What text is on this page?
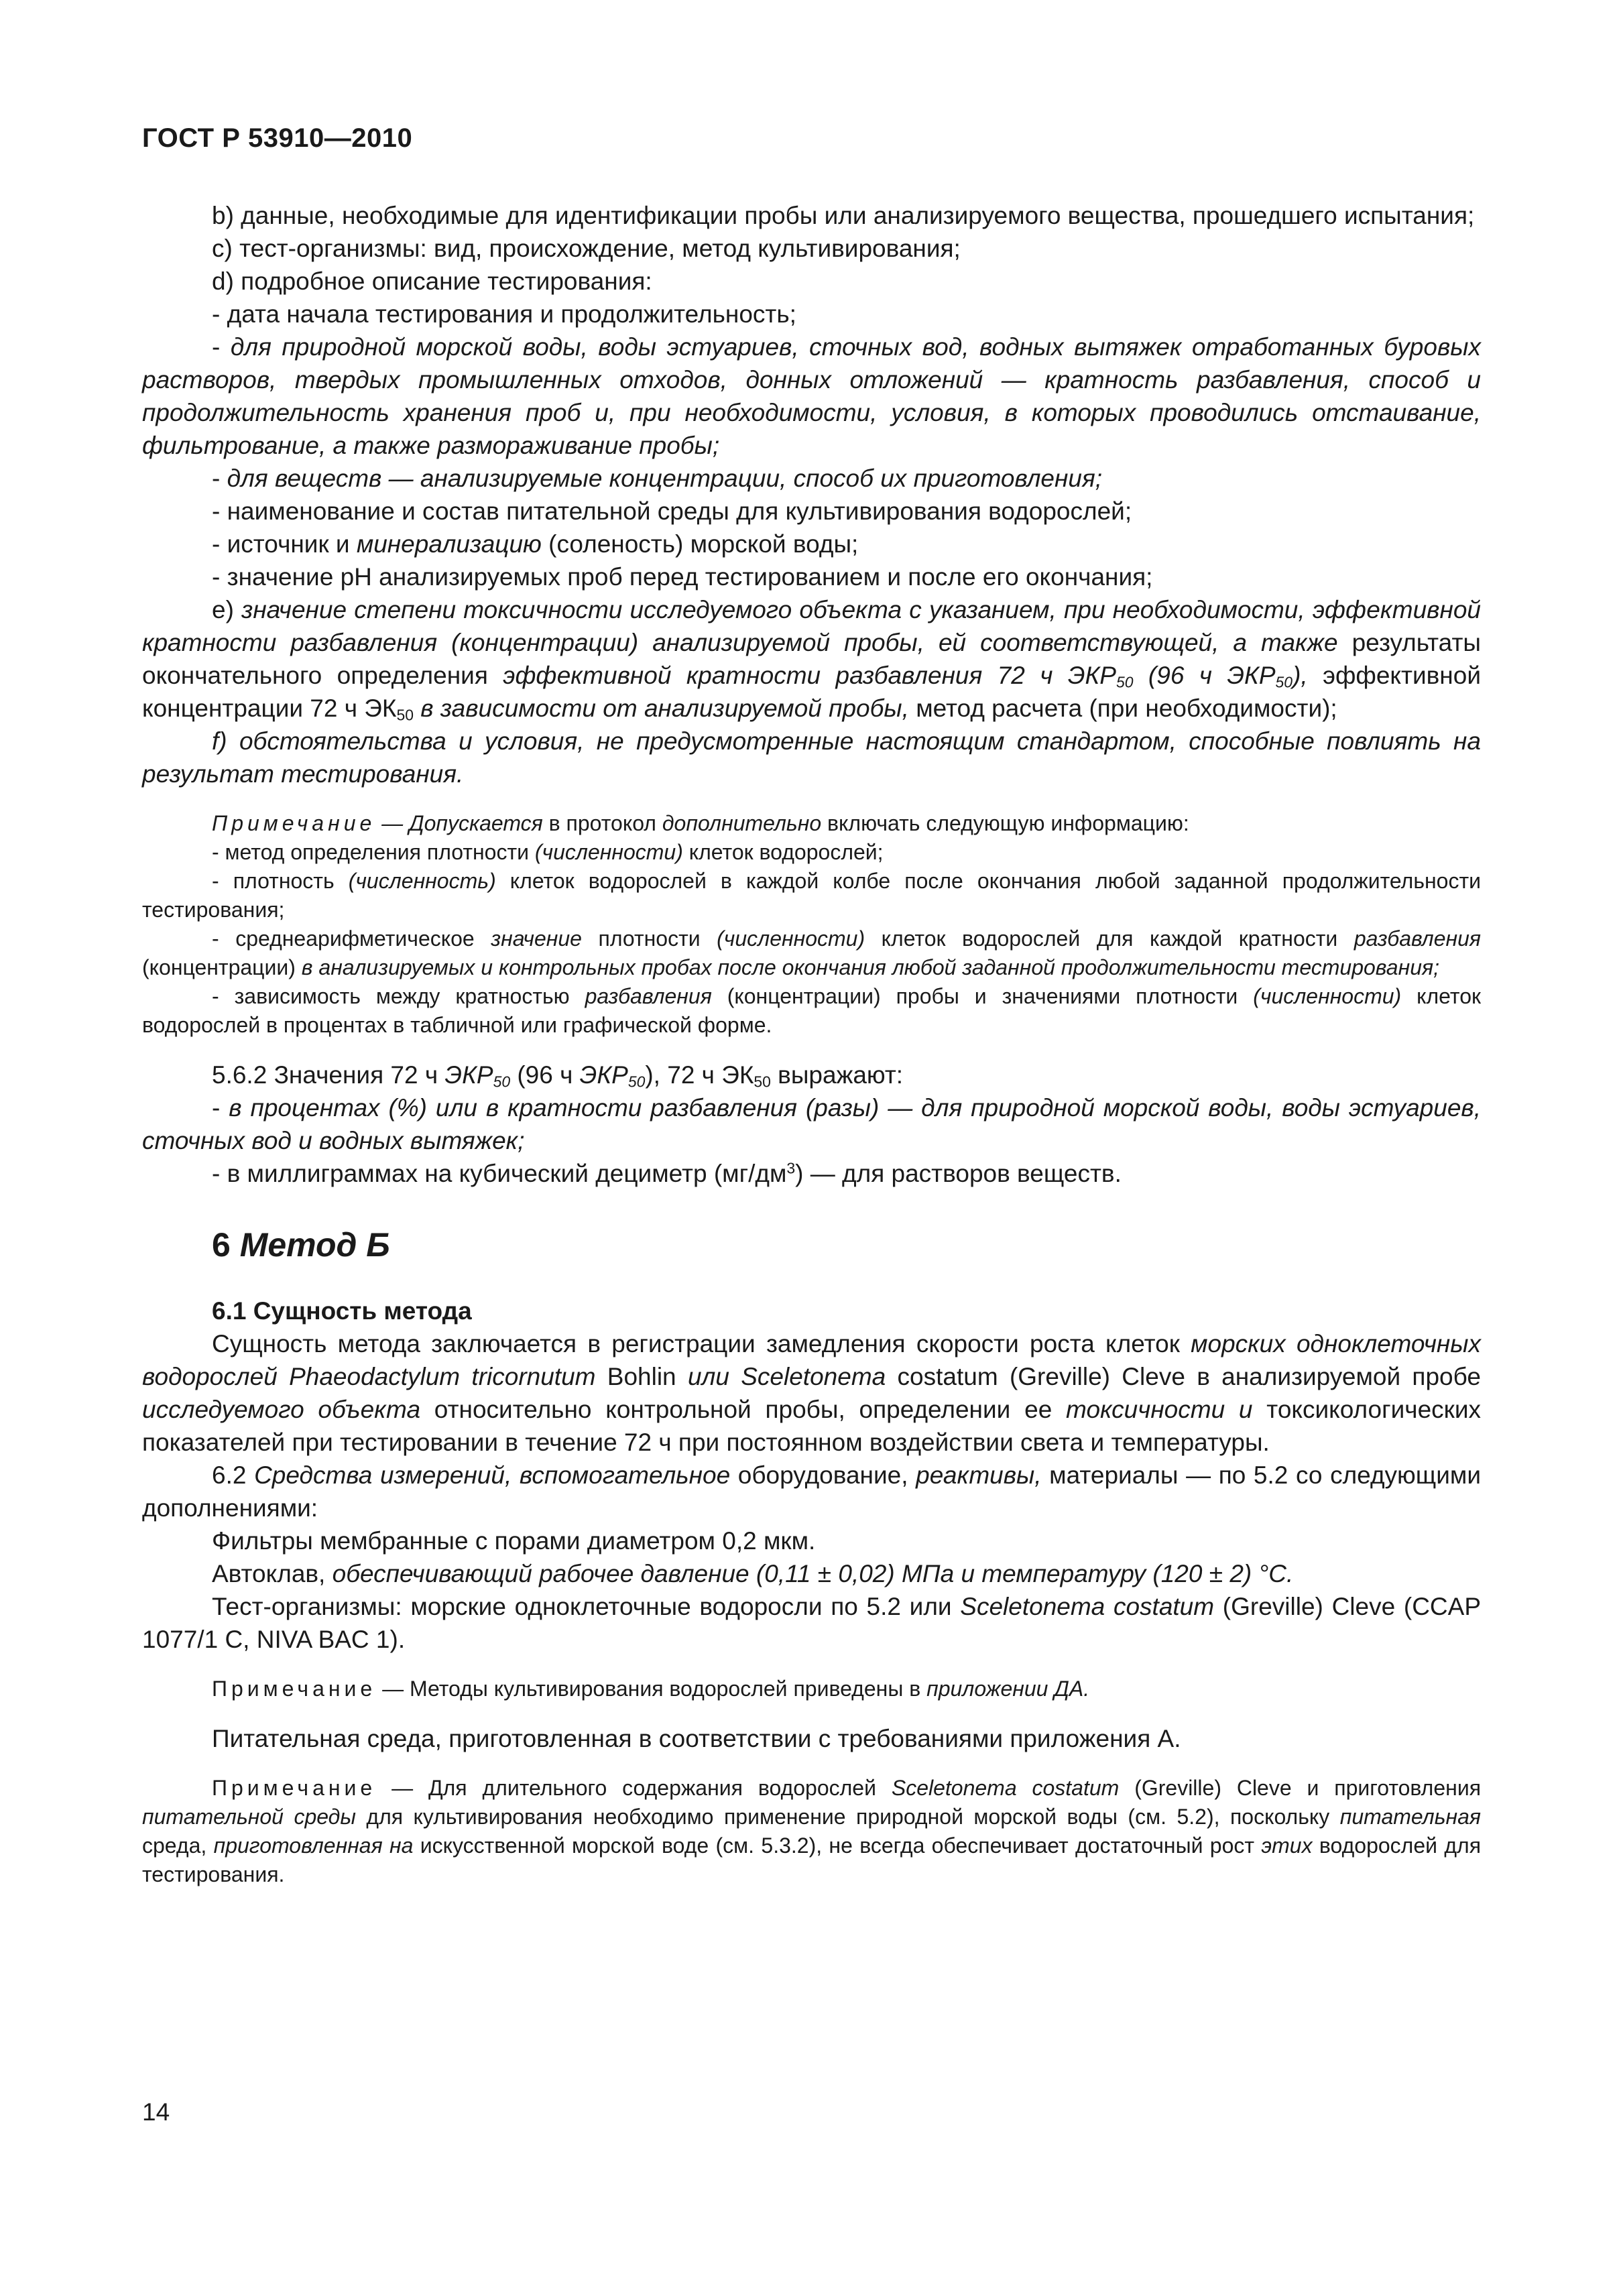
ГОСТ Р 53910—2010

b) данные, необходимые для идентификации пробы или анализируемого вещества, прошедшего испытания;

c) тест-организмы: вид, происхождение, метод культивирования;

d) подробное описание тестирования:

- дата начала тестирования и продолжительность;

- для природной морской воды, воды эстуариев, сточных вод, водных вытяжек отработанных буровых растворов, твердых промышленных отходов, донных отложений — кратность разбавления, способ и продолжительность хранения проб и, при необходимости, условия, в которых проводились отстаивание, фильтрование, а также размораживание пробы;

- для веществ — анализируемые концентрации, способ их приготовления;

- наименование и состав питательной среды для культивирования водорослей;

- источник и минерализацию (соленость) морской воды;

- значение pH анализируемых проб перед тестированием и после его окончания;

e) значение степени токсичности исследуемого объекта с указанием, при необходимости, эффективной кратности разбавления (концентрации) анализируемой пробы, ей соответствующей, а также результаты окончательного определения эффективной кратности разбавления 72 ч $ЭКР_{50}$ (96 ч $ЭКР_{50}$), эффективной концентрации 72 ч $ЭК_{50}$ в зависимости от анализируемой пробы, метод расчета (при необходимости);

f) обстоятельства и условия, не предусмотренные настоящим стандартом, способные повлиять на результат тестирования.

Примечание — Допускается в протокол дополнительно включать следующую информацию:

- метод определения плотности (численности) клеток водорослей;

- плотность (численность) клеток водорослей в каждой колбе после окончания любой заданной продолжительности тестирования;

- среднеарифметическое значение плотности (численности) клеток водорослей для каждой кратности разбавления (концентрации) в анализируемых и контрольных пробах после окончания любой заданной продолжительности тестирования;

- зависимость между кратностью разбавления (концентрации) пробы и значениями плотности (численности) клеток водорослей в процентах в табличной или графической форме.

5.6.2 Значения 72 ч $ЭКР_{50}$ (96 ч $ЭКР_{50}$), 72 ч $ЭК_{50}$ выражают:

- в процентах (%) или в кратности разбавления (разы) — для природной морской воды, воды эстуариев, сточных вод и водных вытяжек;

- в миллиграммах на кубический дециметр $(мг/дм^3)$ — для растворов веществ.

6 Метод Б

6.1 Сущность метода

Сущность метода заключается в регистрации замедления скорости роста клеток морских одноклеточных водорослей Phaeodactylum tricornutum Bohlin или Sceletonema costatum (Greville) Cleve в анализируемой пробе исследуемого объекта относительно контрольной пробы, определении ее токсичности и токсикологических показателей при тестировании в течение 72 ч при постоянном воздействии света и температуры.

6.2 Средства измерений, вспомогательное оборудование, реактивы, материалы — по 5.2 со следующими дополнениями:

Фильтры мембранные с порами диаметром 0,2 мкм.

Автоклав, обеспечивающий рабочее давление (0,11 ± 0,02) МПа и температуру (120 ± 2) °C.

Тест-организмы: морские одноклеточные водоросли по 5.2 или Sceletonema costatum (Greville) Cleve (CCAP 1077/1 C, NIVA BAC 1).

Примечание — Методы культивирования водорослей приведены в приложении ДА.

Питательная среда, приготовленная в соответствии с требованиями приложения А.

Примечание — Для длительного содержания водорослей Sceletonema costatum (Greville) Cleve и приготовления питательной среды для культивирования необходимо применение природной морской воды (см. 5.2), поскольку питательная среда, приготовленная на искусственной морской воде (см. 5.3.2), не всегда обеспечивает достаточный рост этих водорослей для тестирования.

14
